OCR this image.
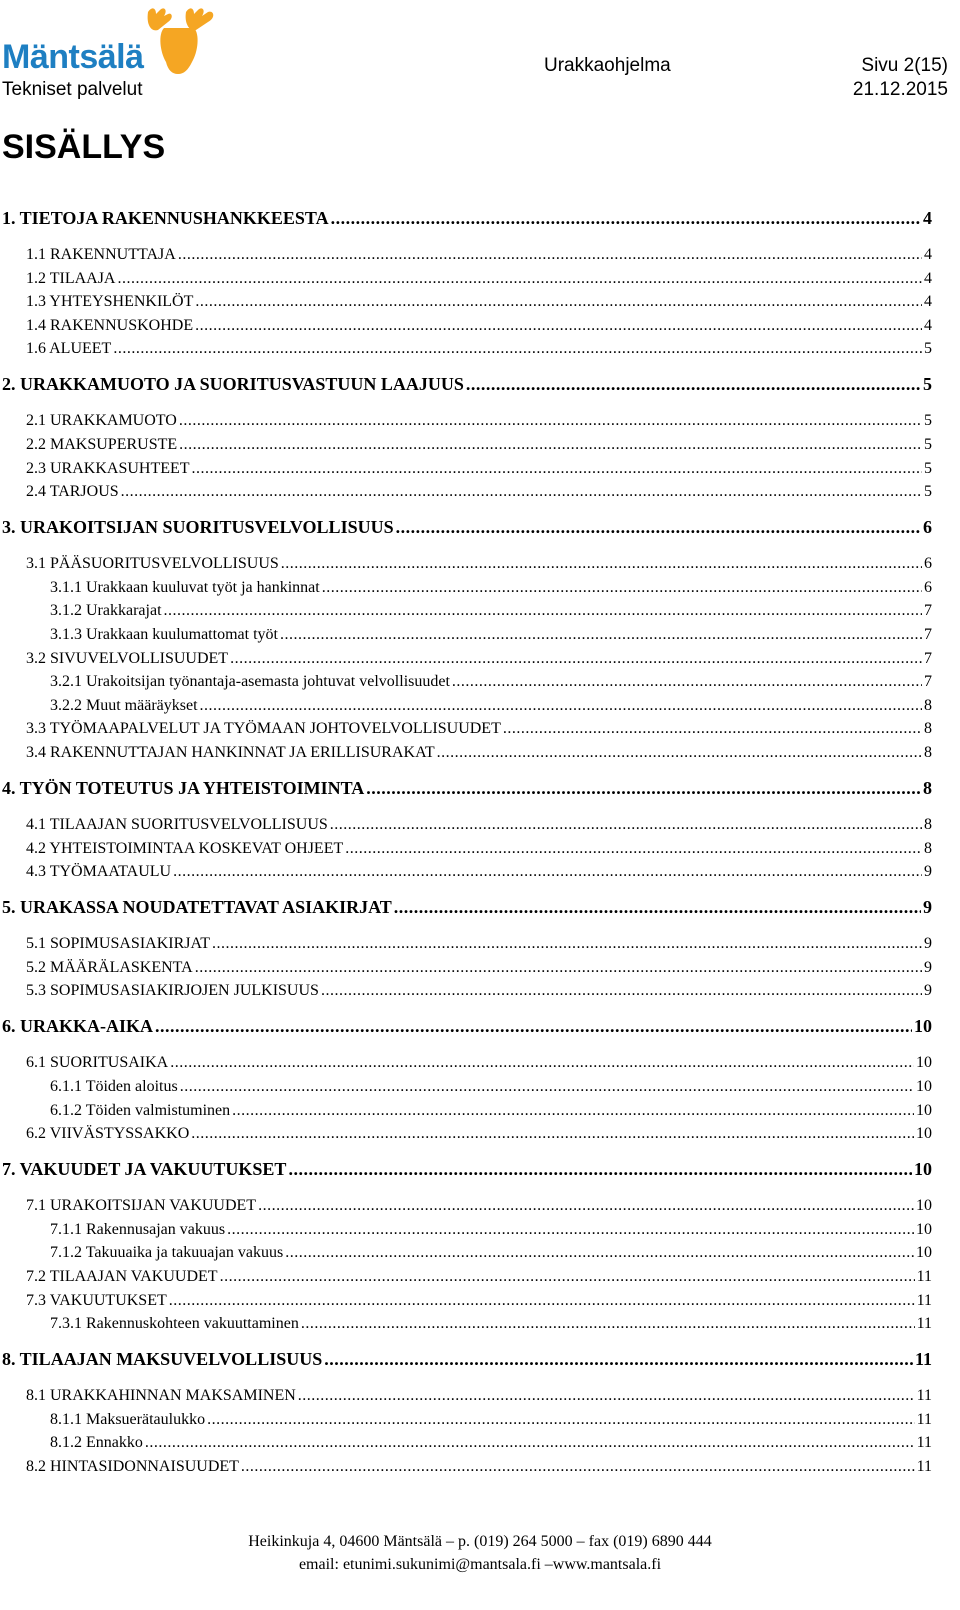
Mäntsälä
Tekniset palvelut
Urakkaohjelma	Sivu 2(15)
21.12.2015
SISÄLLYS
1. TIETOJA RAKENNUSHANKKEESTA .....	4
1.1 RAKENNUTTAJA .....	4
1.2 TILAAJA .....	4
1.3 YHTEYSHENKILÖT .....	4
1.4 RAKENNUSKOHDE .....	4
1.6 ALUEET .....	5
2. URAKKAMUOTO JA SUORITUSVASTUUN LAAJUUS .....	5
2.1 URAKKAMUOTO .....	5
2.2 MAKSUPERUSTE .....	5
2.3 URAKKASUHTEET .....	5
2.4 TARJOUS .....	5
3. URAKOITSIJAN SUORITUSVELVOLLISUUS .....	6
3.1 PÄÄSUORITUSVELVOLLISUUS .....	6
3.1.1 Urakkaan kuuluvat työt ja hankinnat .....	6
3.1.2 Urakkarajat .....	7
3.1.3 Urakkaan kuulumattomat työt .....	7
3.2 SIVUVELVOLLISUUDET .....	7
3.2.1 Urakoitsijan työnantaja-asemasta johtuvat velvollisuudet .....	7
3.2.2 Muut määräykset .....	8
3.3 TYÖMAAPALVELUT JA TYÖMAAN JOHTOVELVOLLISUUDET .....	8
3.4 RAKENNUTTAJAN HANKINNAT JA ERILLISURAKAT .....	8
4. TYÖN TOTEUTUS JA YHTEISTOIMINTA .....	8
4.1 TILAAJAN SUORITUSVELVOLLISUUS .....	8
4.2 YHTEISTOIMINTAA KOSKEVAT OHJEET .....	8
4.3 TYÖMAATAULU .....	9
5. URAKASSA NOUDATETTAVAT ASIAKIRJAT .....	9
5.1 SOPIMUSASIAKIRJAT .....	9
5.2 MÄÄRÄLASKENTA .....	9
5.3 SOPIMUSASIAKIRJOJEN JULKISUUS .....	9
6. URAKKA-AIKA .....	10
6.1 SUORITUSAIKA .....	10
6.1.1 Töiden aloitus .....	10
6.1.2 Töiden valmistuminen .....	10
6.2 VIIVÄSTYSSAKKO .....	10
7. VAKUUDET JA VAKUUTUKSET .....	10
7.1 URAKOITSIJAN VAKUUDET .....	10
7.1.1 Rakennusajan vakuus .....	10
7.1.2 Takuuaika ja takuuajan vakuus .....	10
7.2 TILAAJAN VAKUUDET .....	11
7.3 VAKUUTUKSET .....	11
7.3.1 Rakennuskohteen vakuuttaminen .....	11
8. TILAAJAN MAKSUVELVOLLISUUS .....	11
8.1 URAKKAHINNAN MAKSAMINEN .....	11
8.1.1 Maksuerätaulukko .....	11
8.1.2 Ennakko .....	11
8.2 HINTASIDONNAISUUDET .....	11
Heikinkuja 4, 04600 Mäntsälä – p. (019) 264 5000 – fax (019) 6890 444
email: etunimi.sukunimi@mantsala.fi –www.mantsala.fi
